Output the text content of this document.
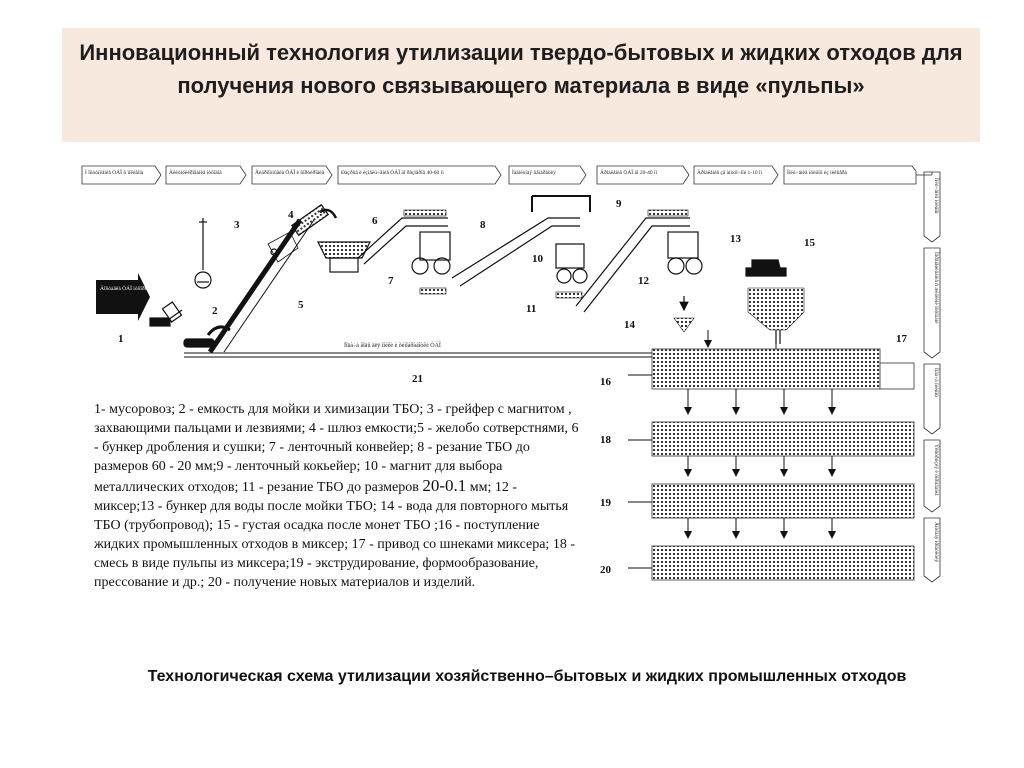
Инновационный технология утилизации твердо-бытовых и жидких отходов для получения нового связывающего материала в виде «пульпы»
Ï îñòóïëåíèå ÒÁÎ ñ ïîëèãîíà	Àêêóìóëèðîâàíèå îòõîäîâ	Ãèäðîîòìûâêà ÒÁÎ è ñîðòèðîâêà	Ðàçðûâ è èçìåëü÷åíèå ÒÁÎ äî ðàçìåðîâ 40-60 ìì	Ìàãíèòíàÿ ñåïàðàöèÿ	Äðîáëåíèå ÒÁÎ äî 20-40 ìì	Äðîáëåíèå çä àïòóî÷íîé 1-10 ìì	Ïîëó÷åíèå ïóëüïû èç ìèêñåðà
Ïîëó÷åíèå ïóëüïû
Ïåðåìåøèâàíèå ñ æèäêèìè îòõîäàìè
Ïîäà÷à ïóëüïû
Ýêñòðóçèÿ è ôîðìîâàíèå
Ãîòîâàÿ ïðîäóêöèÿ
Äîñòàâêà ÒÁÎ ìóñîðîâîçîì
Ïîäà÷à âîäû äëÿ ìîéêè è õèìîáðàáîòêè ÒÁÎ
1
2
3
4
5
6
7
8
9
10
11
12
13
14
15
16
17
18
19
20
21
1- мусоровоз; 2 - емкость для мойки и химизации ТБО; 3 - грейфер с магнитом , захвающими пальцами и лезвиями; 4 - шлюз емкости;5 - желобо сотверстнями, 6 - бункер дробления и сушки; 7 - ленточный конвейер; 8 - резание ТБО до размеров 60 - 20 мм;9 - ленточный кокьейер; 10 - магнит для выбора металлических отходов; 11 - резание ТБО до размеров 20-0.1 мм; 12 - миксер;13 - бункер для воды после мойки ТБО; 14 - вода для повторного мытья ТБО (трубопровод); 15 - густая осадка после монет ТБО ;16 - поступление жидких промышленных отходов в миксер; 17 - привод со шнеками миксера; 18 - смесь в виде пульпы из миксера;19 - экструдирование, формообразование, прессование и др.; 20 - получение новых материалов и изделий.
Технологическая схема утилизации хозяйственно–бытовых и жидких промышленных отходов
